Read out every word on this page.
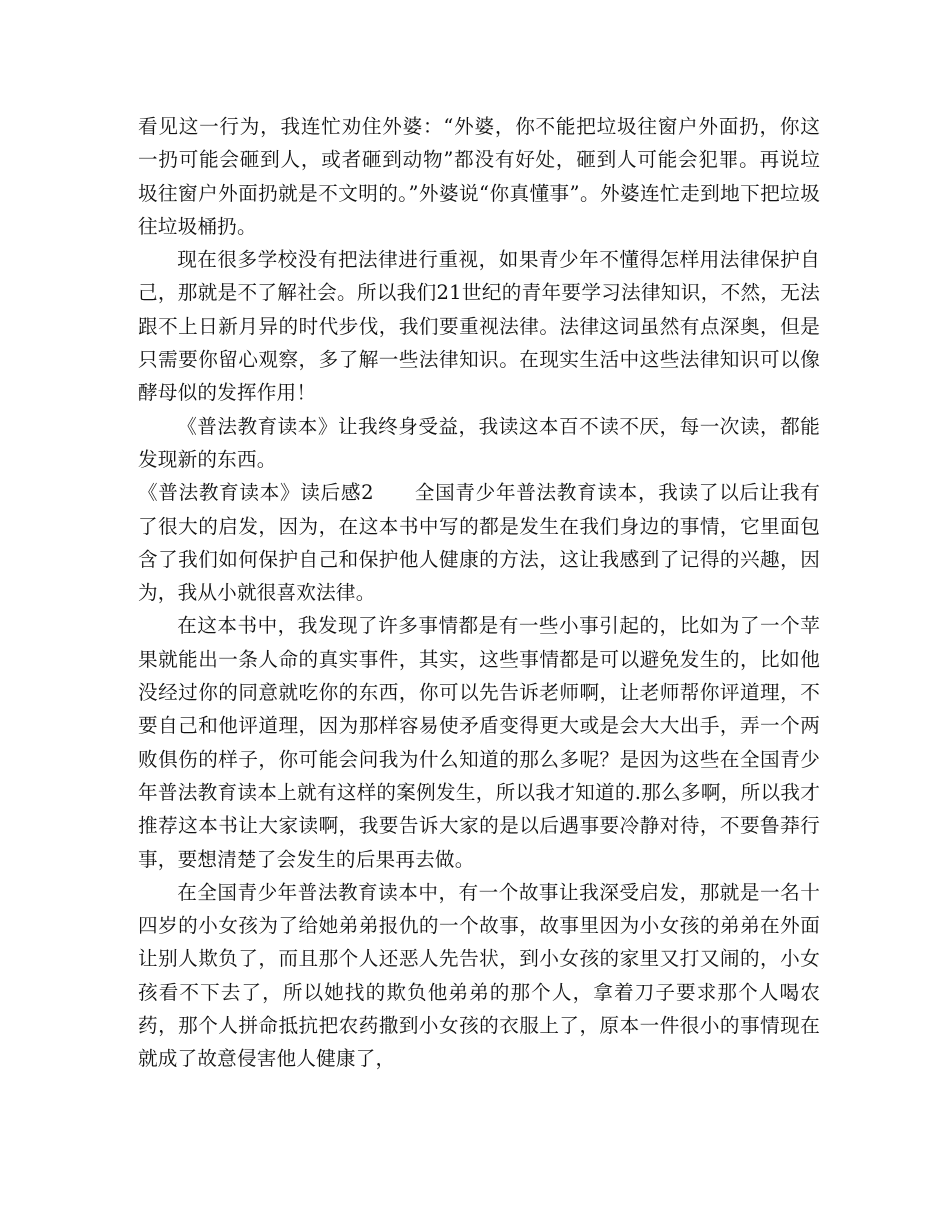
看见这一行为，我连忙劝住外婆：“外婆，你不能把垃圾往窗户外面扔，你这一扔可能会砸到人，或者砸到动物”都没有好处，砸到人可能会犯罪。再说垃圾往窗户外面扔就是不文明的。”外婆说“你真懂事”。外婆连忙走到地下把垃圾往垃圾桶扔。

现在很多学校没有把法律进行重视，如果青少年不懂得怎样用法律保护自己，那就是不了解社会。所以我们21世纪的青年要学习法律知识，不然，无法跟不上日新月异的时代步伐，我们要重视法律。法律这词虽然有点深奥，但是只需要你留心观察，多了解一些法律知识。在现实生活中这些法律知识可以像酵母似的发挥作用！

《普法教育读本》让我终身受益，我读这本百不读不厌，每一次读，都能发现新的东西。

《普法教育读本》读后感2　　全国青少年普法教育读本，我读了以后让我有了很大的启发，因为，在这本书中写的都是发生在我们身边的事情，它里面包含了我们如何保护自己和保护他人健康的方法，这让我感到了记得的兴趣，因为，我从小就很喜欢法律。

在这本书中，我发现了许多事情都是有一些小事引起的，比如为了一个苹果就能出一条人命的真实事件，其实，这些事情都是可以避免发生的，比如他没经过你的同意就吃你的东西，你可以先告诉老师啊，让老师帮你评道理，不要自己和他评道理，因为那样容易使矛盾变得更大或是会大大出手，弄一个两败俱伤的样子，你可能会问我为什么知道的那么多呢？是因为这些在全国青少年普法教育读本上就有这样的案例发生，所以我才知道的.那么多啊，所以我才推荐这本书让大家读啊，我要告诉大家的是以后遇事要冷静对待，不要鲁莽行事，要想清楚了会发生的后果再去做。

在全国青少年普法教育读本中，有一个故事让我深受启发，那就是一名十四岁的小女孩为了给她弟弟报仇的一个故事，故事里因为小女孩的弟弟在外面让别人欺负了，而且那个人还恶人先告状，到小女孩的家里又打又闹的，小女孩看不下去了，所以她找的欺负他弟弟的那个人，拿着刀子要求那个人喝农药，那个人拼命抵抗把农药撒到小女孩的衣服上了，原本一件很小的事情现在就成了故意侵害他人健康了，
